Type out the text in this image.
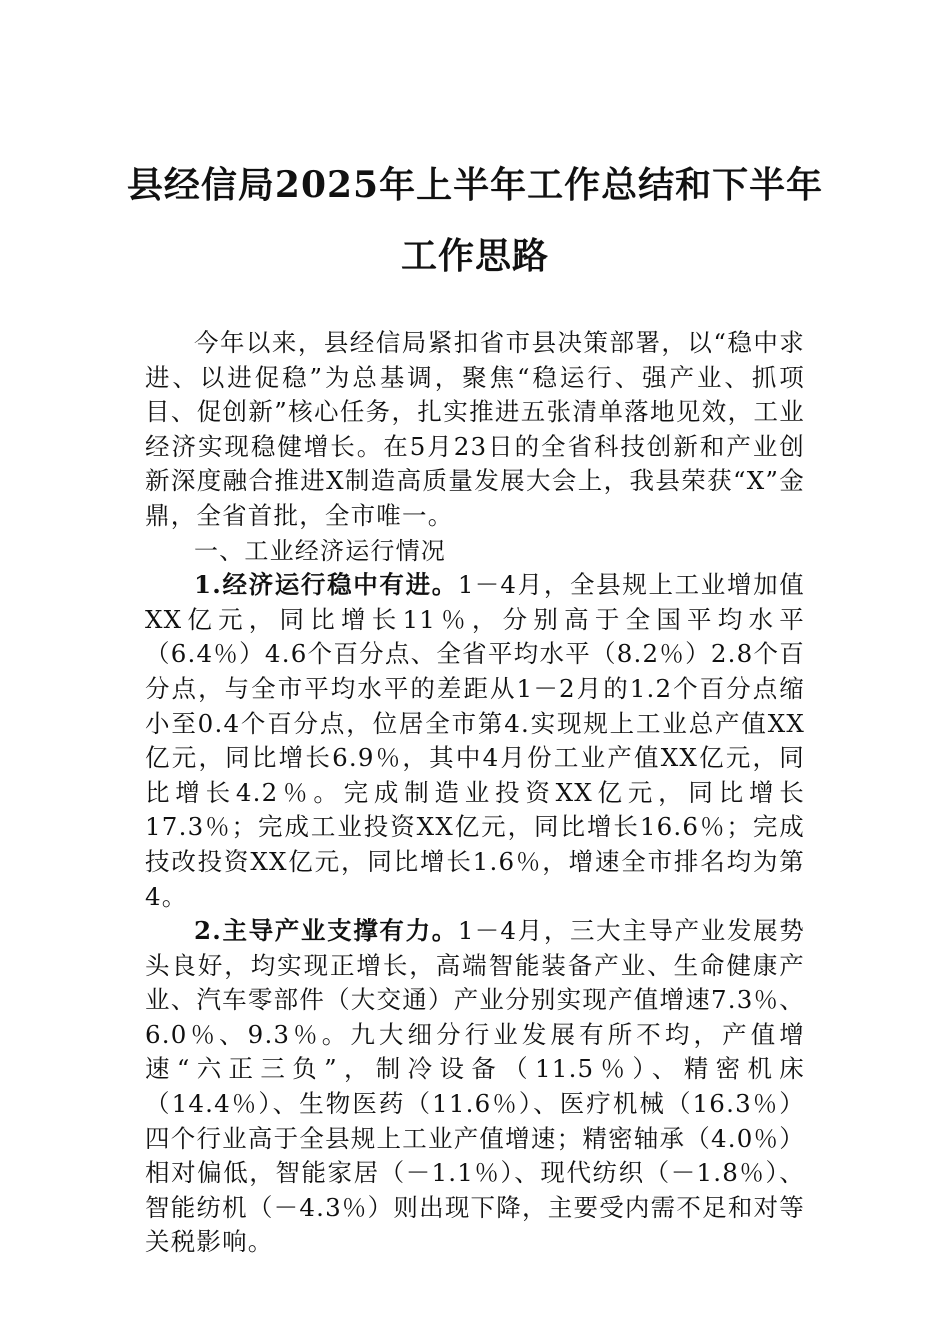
县经信局2025年上半年工作总结和下半年
工作思路

今年以来，县经信局紧扣省市县决策部署，以“稳中求进、以进促稳”为总基调，聚焦“稳运行、强产业、抓项目、促创新”核心任务，扎实推进五张清单落地见效，工业经济实现稳健增长。在5月23日的全省科技创新和产业创新深度融合推进X制造高质量发展大会上，我县荣获“X”金鼎，全省首批，全市唯一。

一、工业经济运行情况

1.经济运行稳中有进。1－4月，全县规上工业增加值XX亿元，同比增长11％，分别高于全国平均水平（6.4％）4.6个百分点、全省平均水平（8.2％）2.8个百分点，与全市平均水平的差距从1－2月的1.2个百分点缩小至0.4个百分点，位居全市第4.实现规上工业总产值XX亿元，同比增长6.9％，其中4月份工业产值XX亿元，同比增长4.2％。完成制造业投资XX亿元，同比增长17.3％；完成工业投资XX亿元，同比增长16.6％；完成技改投资XX亿元，同比增长1.6％，增速全市排名均为第4。

2.主导产业支撑有力。1－4月，三大主导产业发展势头良好，均实现正增长，高端智能装备产业、生命健康产业、汽车零部件（大交通）产业分别实现产值增速7.3％、6.0％、9.3％。九大细分行业发展有所不均，产值增速“六正三负”，制冷设备（11.5％）、精密机床（14.4％）、生物医药（11.6％）、医疗机械（16.3％）四个行业高于全县规上工业产值增速；精密轴承（4.0％）相对偏低，智能家居（－1.1％）、现代纺织（－1.8％）、智能纺机（－4.3％）则出现下降，主要受内需不足和对等关税影响。
